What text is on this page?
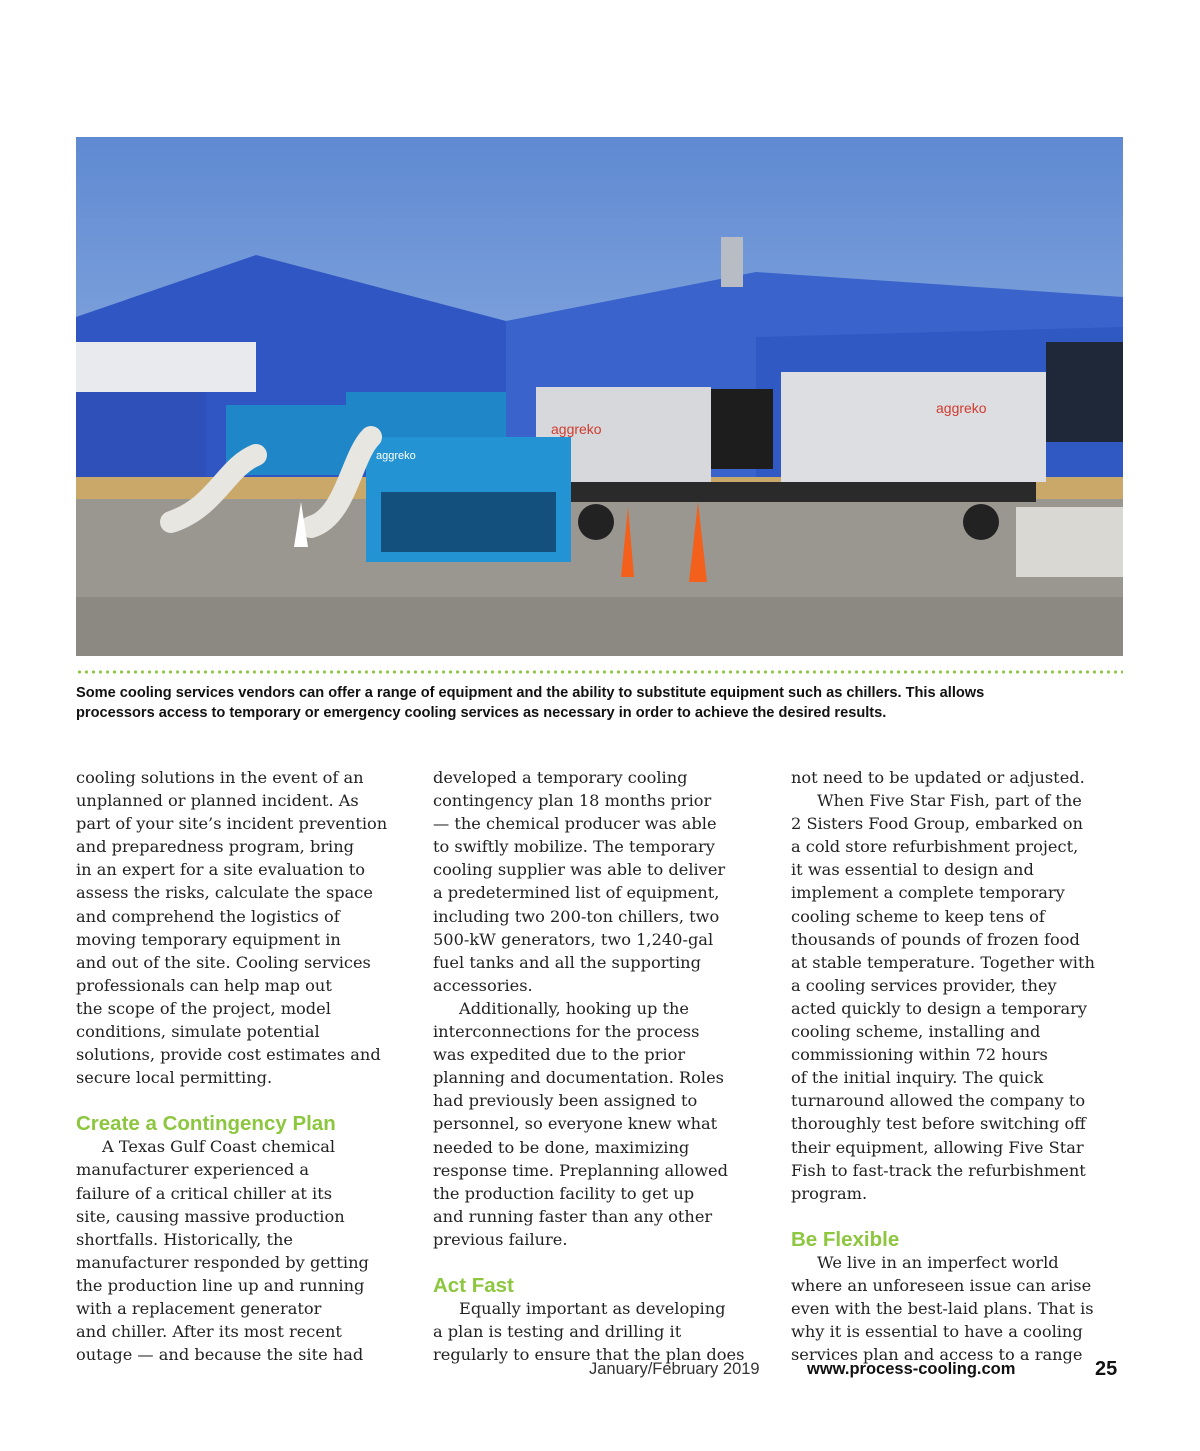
aggreko
aggreko
aggreko
Some cooling services vendors can offer a range of equipment and the ability to substitute equipment such as chillers. This allows
processors access to temporary or emergency cooling services as necessary in order to achieve the desired results.
cooling solutions in the event of an
unplanned or planned incident. As
part of your site’s incident prevention
and preparedness program, bring
in an expert for a site evaluation to
assess the risks, calculate the space
and comprehend the logistics of
moving temporary equipment in
and out of the site. Cooling services
professionals can help map out
the scope of the project, model
conditions, simulate potential
solutions, provide cost estimates and
secure local permitting.
Create a Contingency Plan
A Texas Gulf Coast chemical
manufacturer experienced a
failure of a critical chiller at its
site, causing massive production
shortfalls. Historically, the
manufacturer responded by getting
the production line up and running
with a replacement generator
and chiller. After its most recent
outage — and because the site had
developed a temporary cooling
contingency plan 18 months prior
— the chemical producer was able
to swiftly mobilize. The temporary
cooling supplier was able to deliver
a predetermined list of equipment,
including two 200-ton chillers, two
500-kW generators, two 1,240-gal
fuel tanks and all the supporting
accessories.
Additionally, hooking up the
interconnections for the process
was expedited due to the prior
planning and documentation. Roles
had previously been assigned to
personnel, so everyone knew what
needed to be done, maximizing
response time. Preplanning allowed
the production facility to get up
and running faster than any other
previous failure.
Act Fast
Equally important as developing
a plan is testing and drilling it
regularly to ensure that the plan does
not need to be updated or adjusted.
When Five Star Fish, part of the
2 Sisters Food Group, embarked on
a cold store refurbishment project,
it was essential to design and
implement a complete temporary
cooling scheme to keep tens of
thousands of pounds of frozen food
at stable temperature. Together with
a cooling services provider, they
acted quickly to design a temporary
cooling scheme, installing and
commissioning within 72 hours
of the initial inquiry. The quick
turnaround allowed the company to
thoroughly test before switching off
their equipment, allowing Five Star
Fish to fast-track the refurbishment
program.
Be Flexible
We live in an imperfect world
where an unforeseen issue can arise
even with the best-laid plans. That is
why it is essential to have a cooling
services plan and access to a range
January/February 2019	www.process-cooling.com	25
